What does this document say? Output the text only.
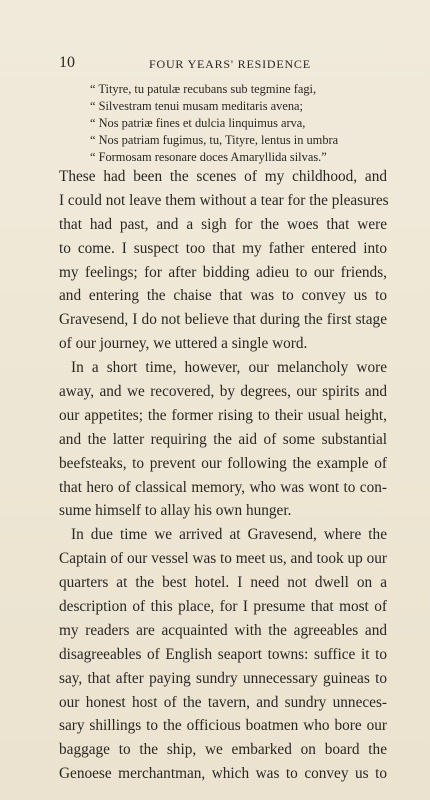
10	FOUR YEARS' RESIDENCE
“ Tityre, tu patulæ recubans sub tegmine fagi,
“ Silvestram tenui musam meditaris avena;
“ Nos patriæ fines et dulcia linquimus arva,
“ Nos patriam fugimus, tu, Tityre, lentus in umbra
“ Formosam resonare doces Amaryllida silvas.”
These had been the scenes of my childhood, and
I could not leave them without a tear for the pleasures
that had past, and a sigh for the woes that were
to come. I suspect too that my father entered into
my feelings; for after bidding adieu to our friends,
and entering the chaise that was to convey us to
Gravesend, I do not believe that during the first stage
of our journey, we uttered a single word.
In a short time, however, our melancholy wore
away, and we recovered, by degrees, our spirits and
our appetites; the former rising to their usual height,
and the latter requiring the aid of some substantial
beefsteaks, to prevent our following the example of
that hero of classical memory, who was wont to con-
sume himself to allay his own hunger.
In due time we arrived at Gravesend, where the
Captain of our vessel was to meet us, and took up our
quarters at the best hotel. I need not dwell on a
description of this place, for I presume that most of
my readers are acquainted with the agreeables and
disagreeables of English seaport towns: suffice it to
say, that after paying sundry unnecessary guineas to
our honest host of the tavern, and sundry unneces-
sary shillings to the officious boatmen who bore our
baggage to the ship, we embarked on board the
Genoese merchantman, which was to convey us to
